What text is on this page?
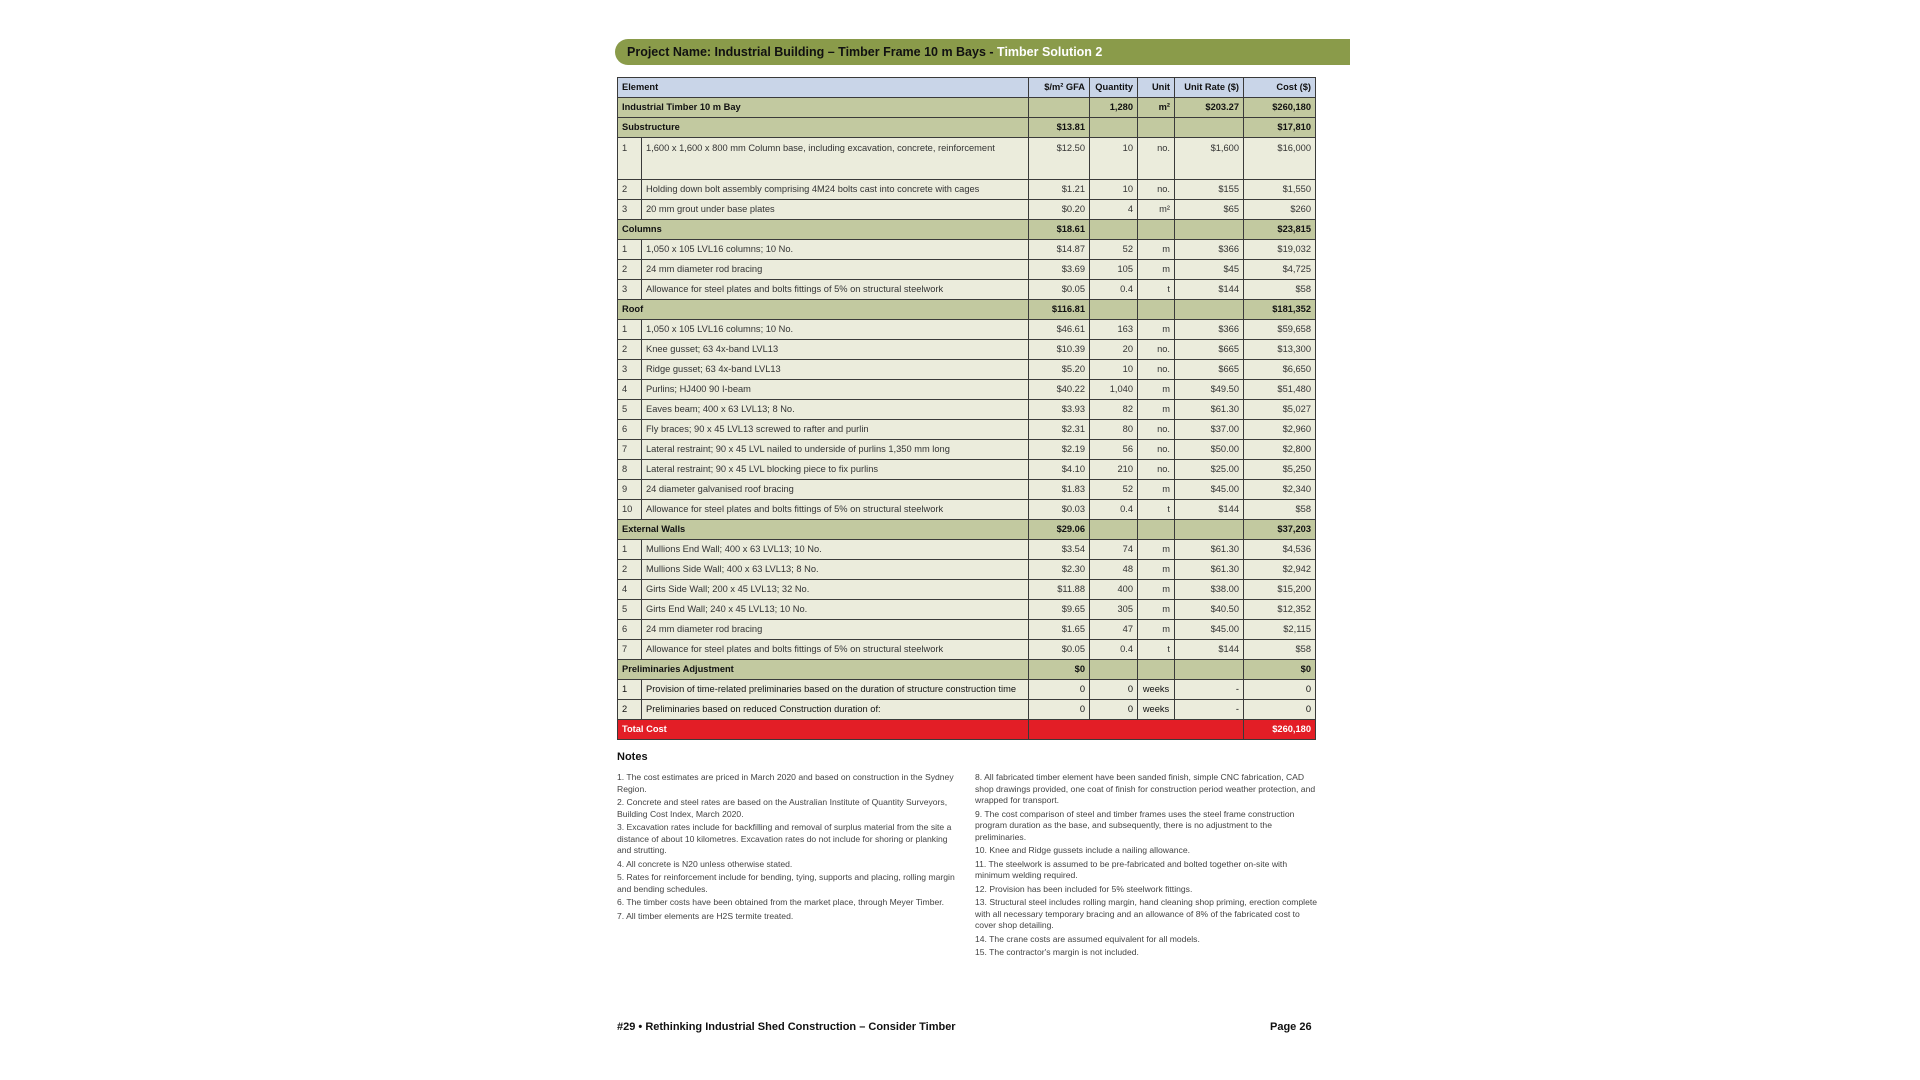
Project Name: Industrial Building – Timber Frame 10 m Bays - Timber Solution 2
Element		$/m² GFA	Quantity	Unit	Unit Rate ($)	Cost ($)
Industrial Timber 10 m Bay			1,280	m²	$203.27	$260,180
Substructure		$13.81				$17,810
1	1,600 x 1,600 x 800 mm Column base, including excavation, concrete, reinforcement	$12.50	10	no.	$1,600	$16,000
2	Holding down bolt assembly comprising 4M24 bolts cast into concrete with cages	$1.21	10	no.	$155	$1,550
3	20 mm grout under base plates	$0.20	4	m²	$65	$260
Columns		$18.61				$23,815
1	1,050 x 105 LVL16 columns; 10 No.	$14.87	52	m	$366	$19,032
2	24 mm diameter rod bracing	$3.69	105	m	$45	$4,725
3	Allowance for steel plates and bolts fittings of 5% on structural steelwork	$0.05	0.4	t	$144	$58
Roof		$116.81				$181,352
1	1,050 x 105 LVL16 columns; 10 No.	$46.61	163	m	$366	$59,658
2	Knee gusset; 63 4x-band LVL13	$10.39	20	no.	$665	$13,300
3	Ridge gusset; 63 4x-band LVL13	$5.20	10	no.	$665	$6,650
4	Purlins; HJ400 90 I-beam	$40.22	1,040	m	$49.50	$51,480
5	Eaves beam; 400 x 63 LVL13; 8 No.	$3.93	82	m	$61.30	$5,027
6	Fly braces; 90 x 45 LVL13 screwed to rafter and purlin	$2.31	80	no.	$37.00	$2,960
7	Lateral restraint; 90 x 45 LVL nailed to underside of purlins 1,350 mm long	$2.19	56	no.	$50.00	$2,800
8	Lateral restraint; 90 x 45 LVL blocking piece to fix purlins	$4.10	210	no.	$25.00	$5,250
9	24 diameter galvanised roof bracing	$1.83	52	m	$45.00	$2,340
10	Allowance for steel plates and bolts fittings of 5% on structural steelwork	$0.03	0.4	t	$144	$58
External Walls		$29.06				$37,203
1	Mullions End Wall; 400 x 63 LVL13; 10 No.	$3.54	74	m	$61.30	$4,536
2	Mullions Side Wall; 400 x 63 LVL13; 8 No.	$2.30	48	m	$61.30	$2,942
4	Girts Side Wall; 200 x 45 LVL13; 32 No.	$11.88	400	m	$38.00	$15,200
5	Girts End Wall; 240 x 45 LVL13; 10 No.	$9.65	305	m	$40.50	$12,352
6	24 mm diameter rod bracing	$1.65	47	m	$45.00	$2,115
7	Allowance for steel plates and bolts fittings of 5% on structural steelwork	$0.05	0.4	t	$144	$58
Preliminaries Adjustment		$0				$0
1	Provision of time-related preliminaries based on the duration of structure construction time	0	0	weeks	-	0
2	Preliminaries based on reduced Construction duration of:	0	0	weeks	-	0
Total Cost						$260,180
Notes

1. The cost estimates are priced in March 2020 and based on construction in the Sydney Region.

2. Concrete and steel rates are based on the Australian Institute of Quantity Surveyors, Building Cost Index, March 2020.

3. Excavation rates include for backfilling and removal of surplus material from the site a distance of about 10 kilometres. Excavation rates do not include for shoring or planking and strutting.

4. All concrete is N20 unless otherwise stated.

5. Rates for reinforcement include for bending, tying, supports and placing, rolling margin and bending schedules.

6. The timber costs have been obtained from the market place, through Meyer Timber.

7. All timber elements are H2S termite treated.

8. All fabricated timber element have been sanded finish, simple CNC fabrication, CAD shop drawings provided, one coat of finish for construction period weather protection, and wrapped for transport.

9. The cost comparison of steel and timber frames uses the steel frame construction program duration as the base, and subsequently, there is no adjustment to the preliminaries.

10. Knee and Ridge gussets include a nailing allowance.

11. The steelwork is assumed to be pre-fabricated and bolted together on-site with minimum welding required.

12. Provision has been included for 5% steelwork fittings.

13. Structural steel includes rolling margin, hand cleaning shop priming, erection complete with all necessary temporary bracing and an allowance of 8% of the fabricated cost to cover shop detailing.

14. The crane costs are assumed equivalent for all models.

15. The contractor's margin is not included.

#29 • Rethinking Industrial Shed Construction – Consider Timber	Page 26
